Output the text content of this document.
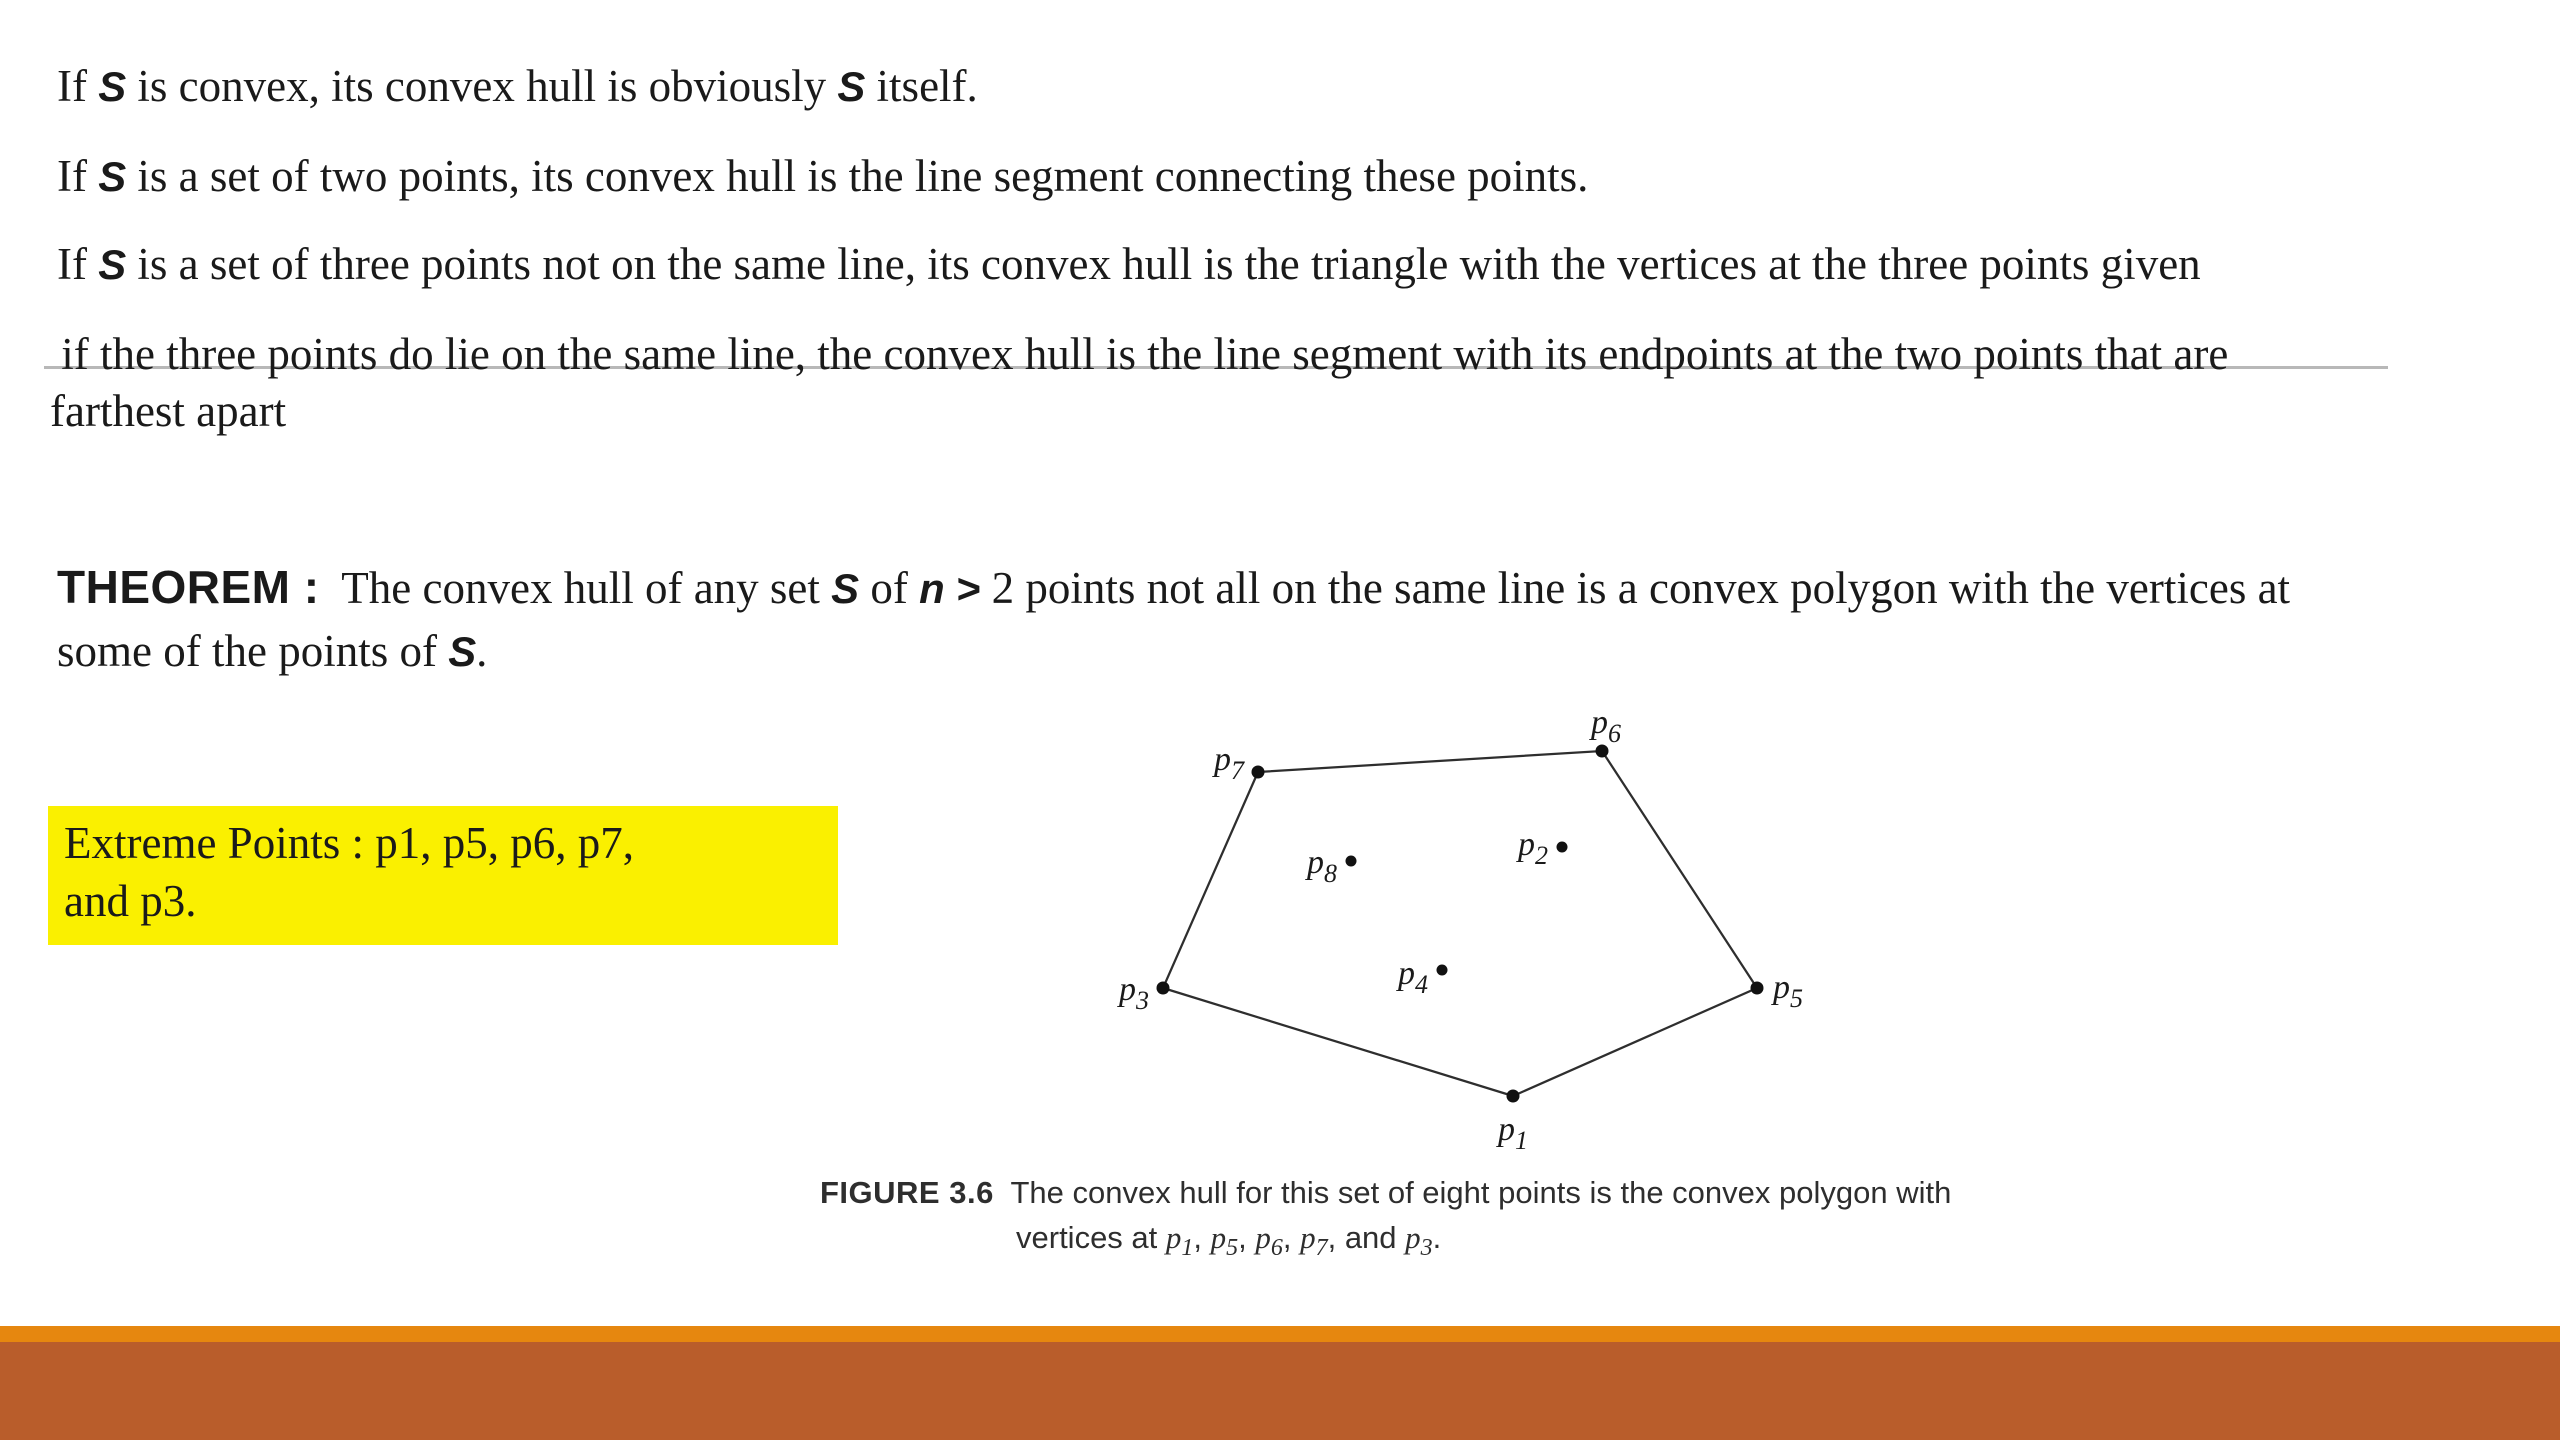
If S is convex, its convex hull is obviously S itself.
If S is a set of two points, its convex hull is the line segment connecting these points.
If S is a set of three points not on the same line, its convex hull is the triangle with the vertices at the three points given
if the three points do lie on the same line, the convex hull is the line segment with its endpoints at the two points that are
farthest apart
THEOREM :  The convex hull of any set S of n > 2 points not all on the same line is a convex polygon with the vertices at
some of the points of S.
Extreme Points : p1, p5, p6, p7,
and p3.
$p_7$
$p_6$
$p_5$
$p_1$
$p_3$
$p_8$
$p_2$
$p_4$
FIGURE 3.6  The convex hull for this set of eight points is the convex polygon with
vertices at $p_1$, $p_5$, $p_6$, $p_7$, and $p_3$.
